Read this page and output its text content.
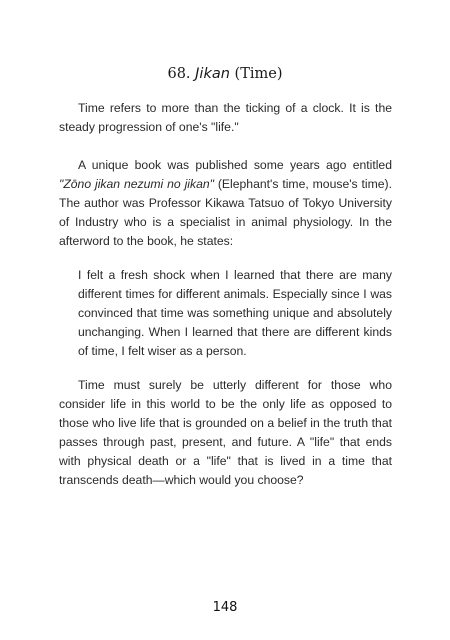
68. Jikan (Time)

Time refers to more than the ticking of a clock. It is the steady progression of one's "life."

A unique book was published some years ago entitled "Zōno jikan nezumi no jikan" (Elephant's time, mouse's time). The author was Professor Kikawa Tatsuo of Tokyo University of Industry who is a specialist in animal physiology. In the afterword to the book, he states:

I felt a fresh shock when I learned that there are many different times for different animals. Especially since I was convinced that time was something unique and absolutely unchanging. When I learned that there are different kinds of time, I felt wiser as a person.

Time must surely be utterly different for those who consider life in this world to be the only life as opposed to those who live life that is grounded on a belief in the truth that passes through past, present, and future. A "life" that ends with physical death or a "life" that is lived in a time that transcends death—which would you choose?

148
